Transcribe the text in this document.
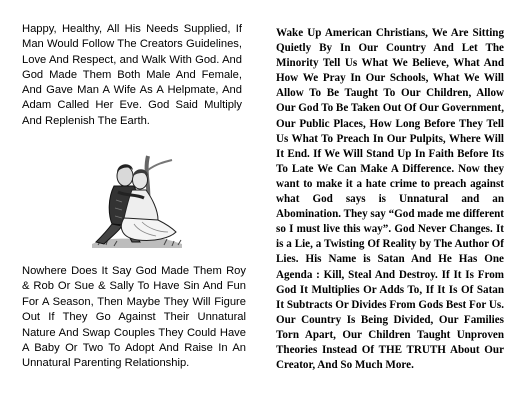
Happy, Healthy, All His Needs Supplied, If Man Would Follow The Creators Guidelines, Love And Respect, and Walk With God. And God Made Them Both Male And Female, And Gave Man A Wife As A Helpmate, And Adam Called Her Eve. God Said Multiply And Replenish The Earth.

Nowhere Does It Say God Made Them Roy & Rob Or Sue & Sally To Have Sin And Fun For A Season, Then Maybe They Will Figure Out If They Go Against Their Unnatural Nature And Swap Couples They Could Have A Baby Or Two To Adopt And Raise In An Unnatural Parenting Relationship.

Wake Up American Christians, We Are Sitting Quietly By In Our Country And Let The Minority Tell Us What We Believe, What And How We Pray In Our Schools, What We Will Allow To Be Taught To Our Children, Allow Our God To Be Taken Out Of Our Government, Our Public Places, How Long Before They Tell Us What To Preach In Our Pulpits, Where Will It End. If We Will Stand Up In Faith Before Its To Late We Can Make A Difference. Now they want to make it a hate crime to preach against what God says is Unnatural and an Abomination. They say “God made me different so I must live this way”. God Never Changes. It is a Lie, a Twisting Of Reality by The Author Of Lies. His Name is Satan And He Has One Agenda : Kill, Steal And Destroy. If It Is From God It Multiplies Or Adds To, If It Is Of Satan It Subtracts Or Divides From Gods Best For Us. Our Country Is Being Divided, Our Families Torn Apart, Our Children Taught Unproven Theories Instead Of THE TRUTH About Our Creator, And So Much More.
